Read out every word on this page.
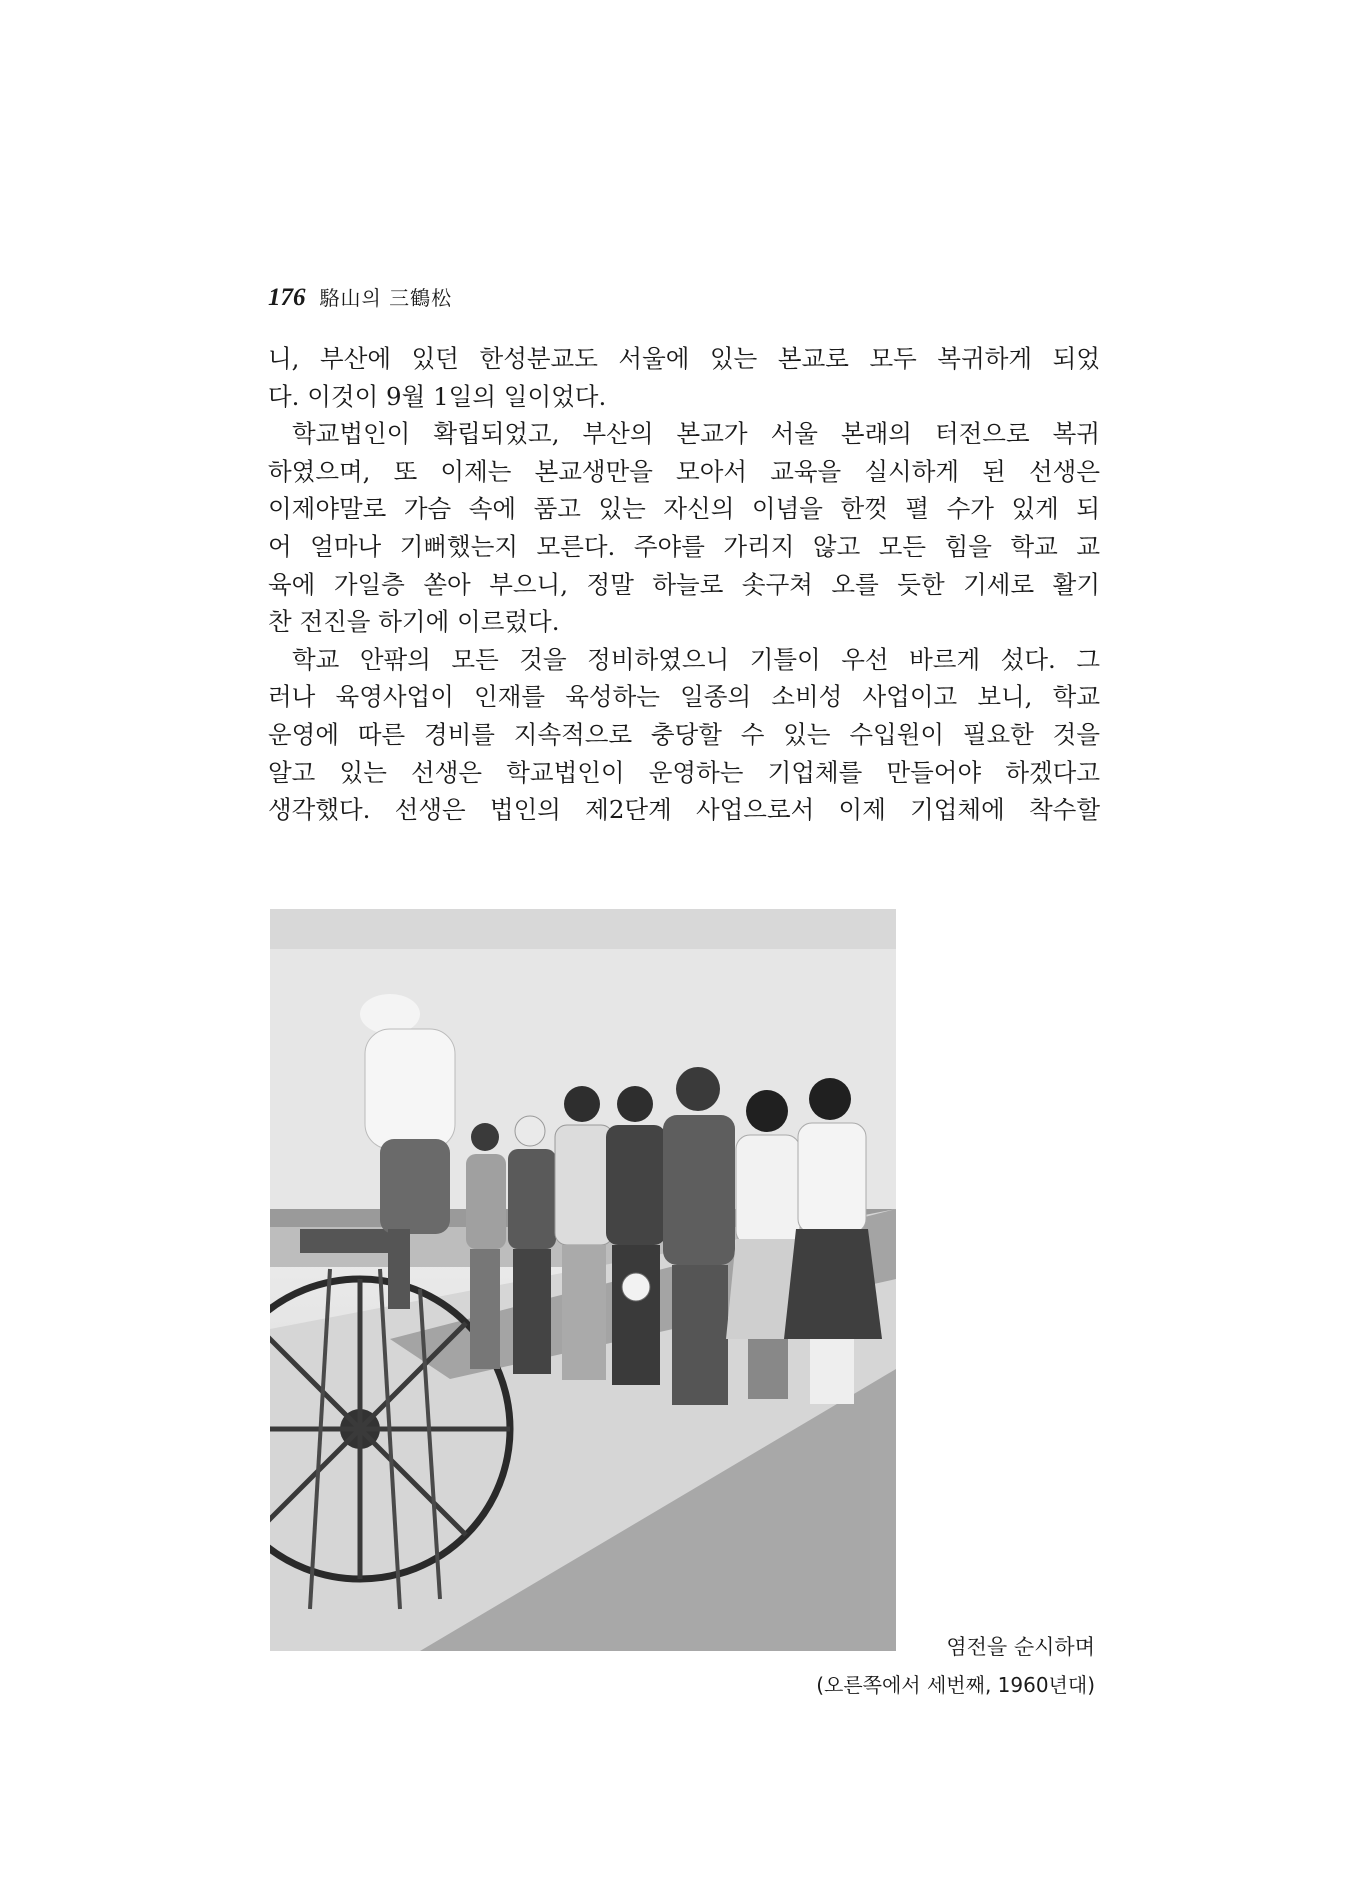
176 駱山의 三鶴松
니, 부산에 있던 한성분교도 서울에 있는 본교로 모두 복귀하게 되었
다. 이것이 9월 1일의 일이었다.
학교법인이 확립되었고, 부산의 본교가 서울 본래의 터전으로 복귀
하였으며, 또 이제는 본교생만을 모아서 교육을 실시하게 된 선생은
이제야말로 가슴 속에 품고 있는 자신의 이념을 한껏 펼 수가 있게 되
어 얼마나 기뻐했는지 모른다. 주야를 가리지 않고 모든 힘을 학교 교
육에 가일층 쏟아 부으니, 정말 하늘로 솟구쳐 오를 듯한 기세로 활기
찬 전진을 하기에 이르렀다.
학교 안팎의 모든 것을 정비하였으니 기틀이 우선 바르게 섰다. 그
러나 육영사업이 인재를 육성하는 일종의 소비성 사업이고 보니, 학교
운영에 따른 경비를 지속적으로 충당할 수 있는 수입원이 필요한 것을
알고 있는 선생은 학교법인이 운영하는 기업체를 만들어야 하겠다고
생각했다. 선생은 법인의 제2단계 사업으로서 이제 기업체에 착수할
염전을 순시하며
(오른쪽에서 세번째, 1960년대)
